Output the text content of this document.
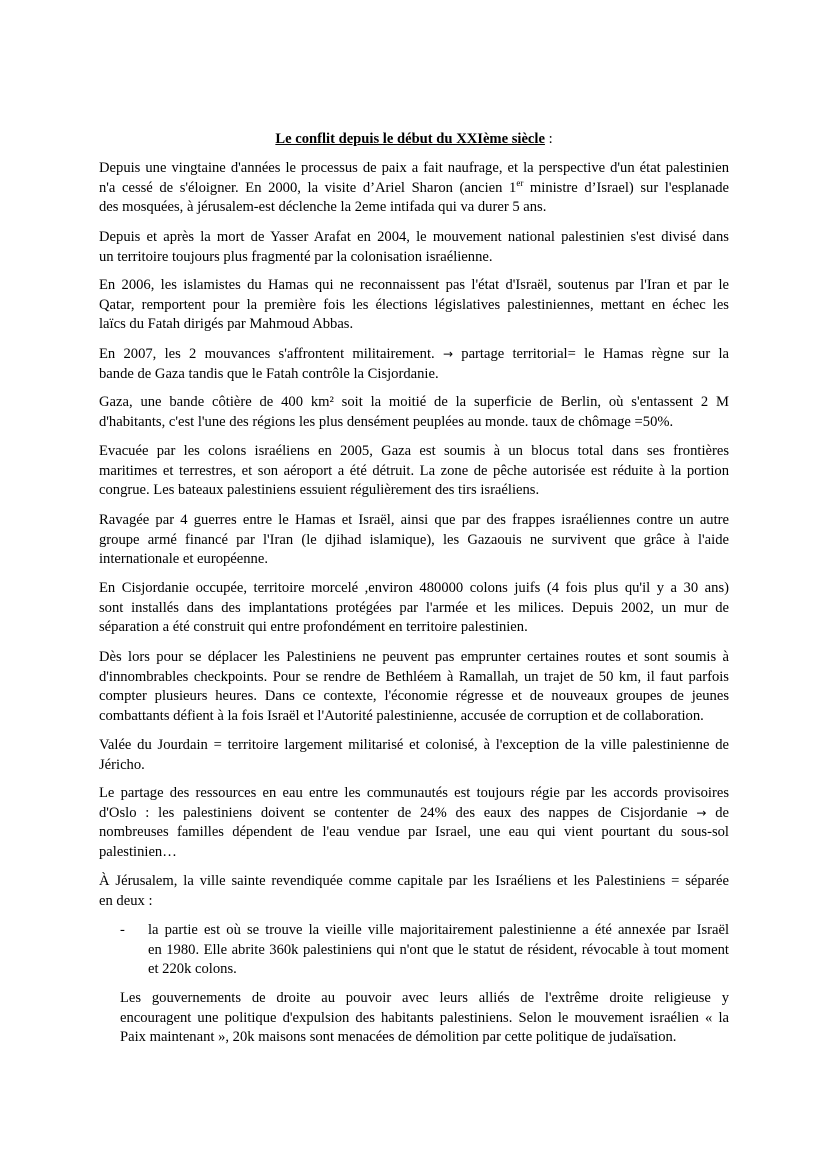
Le conflit depuis le début du XXIème siècle :
Depuis une vingtaine d'années le processus de paix a fait naufrage, et la perspective d'un état palestinien
n'a cessé de s'éloigner. En 2000, la visite d’Ariel Sharon (ancien 1er ministre d’Israel) sur l'esplanade
des mosquées, à jérusalem-est déclenche la 2eme intifada qui va durer 5 ans.
Depuis et après la mort de Yasser Arafat en 2004, le mouvement national palestinien s'est divisé dans
un territoire toujours plus fragmenté par la colonisation israélienne.
En 2006, les islamistes du Hamas qui ne reconnaissent pas l'état d'Israël, soutenus par l'Iran et par le
Qatar, remportent pour la première fois les élections législatives palestiniennes, mettant en échec les
laïcs du Fatah dirigés par Mahmoud Abbas.
En 2007, les 2 mouvances s'affrontent militairement. → partage territorial= le Hamas règne sur la
bande de Gaza tandis que le Fatah contrôle la Cisjordanie.
Gaza, une bande côtière de 400 km² soit la moitié de la superficie de Berlin, où s'entassent 2 M
d'habitants, c'est l'une des régions les plus densément peuplées au monde. taux de chômage =50%.
Evacuée par les colons israéliens en 2005, Gaza est soumis à un blocus total dans ses frontières
maritimes et terrestres, et son aéroport a été détruit. La zone de pêche autorisée est réduite à la portion
congrue. Les bateaux palestiniens essuient régulièrement des tirs israéliens.
Ravagée par 4 guerres entre le Hamas et Israël, ainsi que par des frappes israéliennes contre un autre
groupe armé financé par l'Iran (le djihad islamique), les Gazaouis ne survivent que grâce à l'aide
internationale et européenne.
En Cisjordanie occupée, territoire morcelé ,environ 480000 colons juifs (4 fois plus qu'il y a 30 ans)
sont installés dans des implantations protégées par l'armée et les milices. Depuis 2002, un mur de
séparation a été construit qui entre profondément en territoire palestinien.
Dès lors pour se déplacer les Palestiniens ne peuvent pas emprunter certaines routes et sont soumis à
d'innombrables checkpoints. Pour se rendre de Bethléem à Ramallah, un trajet de 50 km, il faut parfois
compter plusieurs heures. Dans ce contexte, l'économie régresse et de nouveaux groupes de jeunes
combattants défient à la fois Israël et l'Autorité palestinienne, accusée de corruption et de collaboration.
Valée du Jourdain = territoire largement militarisé et colonisé, à l'exception de la ville palestinienne de
Jéricho.
Le partage des ressources en eau entre les communautés est toujours régie par les accords provisoires
d'Oslo : les palestiniens doivent se contenter de 24% des eaux des nappes de Cisjordanie → de
nombreuses familles dépendent de l'eau vendue par Israel, une eau qui vient pourtant du sous-sol
palestinien…
À Jérusalem, la ville sainte revendiquée comme capitale par les Israéliens et les Palestiniens = séparée
en deux :
- la partie est où se trouve la vieille ville majoritairement palestinienne a été annexée par Israël
en 1980. Elle abrite 360k palestiniens qui n'ont que le statut de résident, révocable à tout moment
et 220k colons.
Les gouvernements de droite au pouvoir avec leurs alliés de l'extrême droite religieuse y
encouragent une politique d'expulsion des habitants palestiniens. Selon le mouvement israélien « la
Paix maintenant », 20k maisons sont menacées de démolition par cette politique de judaïsation.
